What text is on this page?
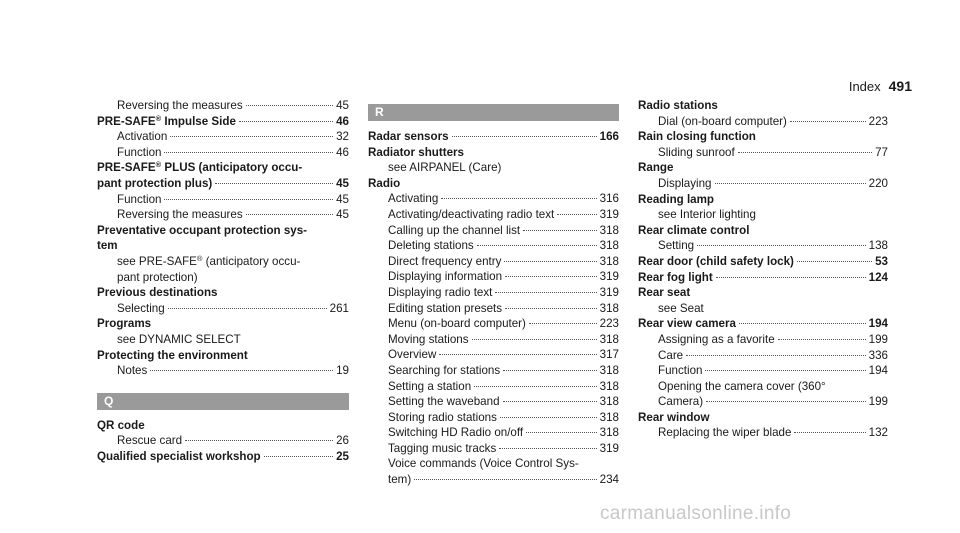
Index 491
Reversing the measures	45
PRE-SAFE® Impulse Side	46
Activation	32
Function	46
PRE-SAFE® PLUS (anticipatory occu-
pant protection plus)	45
Function	45
Reversing the measures	45
Preventative occupant protection sys-
tem
see PRE-SAFE® (anticipatory occu-
pant protection)
Previous destinations
Selecting	261
Programs
see DYNAMIC SELECT
Protecting the environment
Notes	19
Q
QR code
Rescue card	26
Qualified specialist workshop	25
R
Radar sensors	166
Radiator shutters
see AIRPANEL (Care)
Radio
Activating	316
Activating/deactivating radio text	319
Calling up the channel list	318
Deleting stations	318
Direct frequency entry	318
Displaying information	319
Displaying radio text	319
Editing station presets	318
Menu (on-board computer)	223
Moving stations	318
Overview	317
Searching for stations	318
Setting a station	318
Setting the waveband	318
Storing radio stations	318
Switching HD Radio on/off	318
Tagging music tracks	319
Voice commands (Voice Control Sys-
tem)	234
Radio stations
Dial (on-board computer)	223
Rain closing function
Sliding sunroof	77
Range
Displaying	220
Reading lamp
see Interior lighting
Rear climate control
Setting	138
Rear door (child safety lock)	53
Rear fog light	124
Rear seat
see Seat
Rear view camera	194
Assigning as a favorite	199
Care	336
Function	194
Opening the camera cover (360°
Camera)	199
Rear window
Replacing the wiper blade	132
carmanualsonline.info
